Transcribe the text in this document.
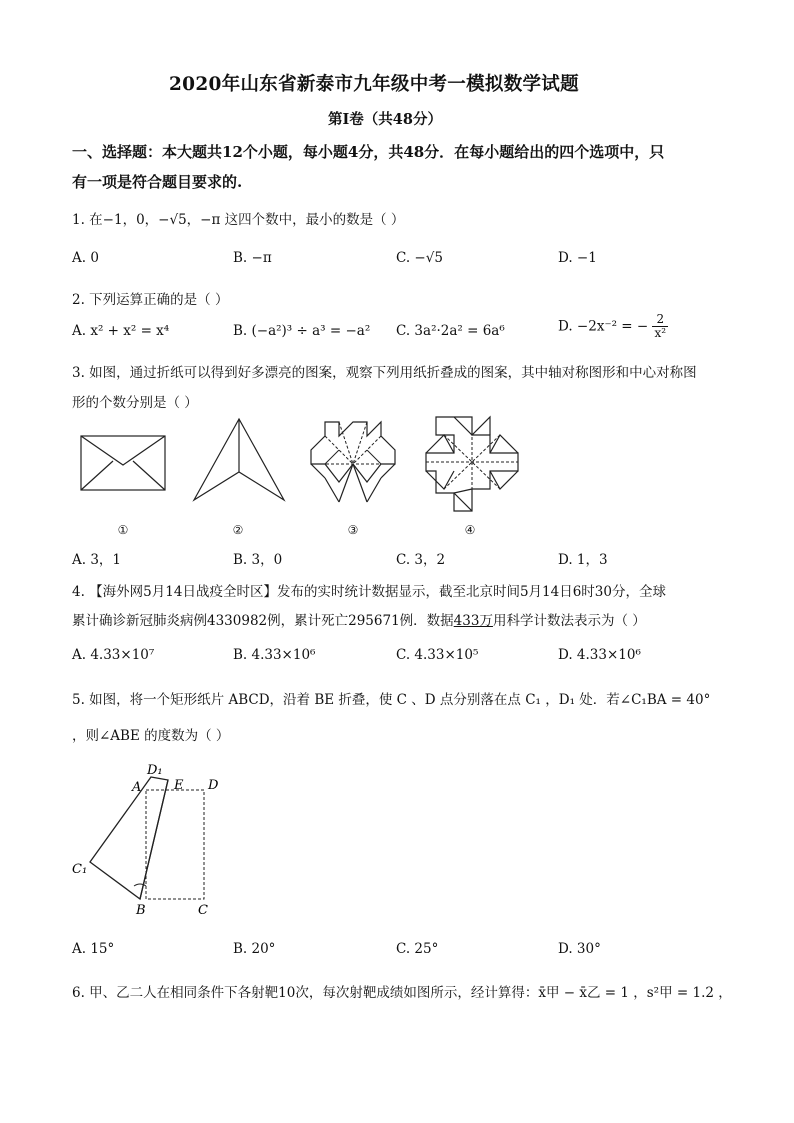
2020年山东省新泰市九年级中考一模拟数学试题
第I卷（共48分）
一、选择题：本大题共12个小题，每小题4分，共48分．在每小题给出的四个选项中，只
有一项是符合题目要求的.
1. 在−1，0，−√5，−π 这四个数中，最小的数是（ ）
A. 0	B. −π	C. −√5	D. −1
2. 下列运算正确的是（ ）
A. x² + x² = x⁴	B. (−a²)³ ÷ a³ = −a² C. 3a²·2a² = 6a⁶	D. −2x⁻² = − $\frac{2}{\text{x²}}$
3. 如图，通过折纸可以得到好多漂亮的图案，观察下列用纸折叠成的图案，其中轴对称图形和中心对称图
形的个数分别是（ ）
①	②	③	④
A. 3，1	B. 3，0	C. 3，2	D. 1，3
4. 【海外网5月14日战疫全时区】发布的实时统计数据显示，截至北京时间5月14日6时30分，全球
累计确诊新冠肺炎病例4330982例，累计死亡295671例．数据433万用科学计数法表示为（ ）
A. 4.33×10⁷	B. 4.33×10⁶	C. 4.33×10⁵	D. 4.33×10⁶
5. 如图，将一个矩形纸片 ABCD，沿着 BE 折叠，使 C 、D 点分别落在点 C₁ ，D₁ 处．若∠C₁BA = 40°
，则∠ABE 的度数为（ ）
D₁
A	E D
C₁
B	C
A. 15°	B. 20°	C. 25°	D. 30°
6. 甲、乙二人在相同条件下各射靶10次，每次射靶成绩如图所示，经计算得：x̄甲 − x̄乙 = 1 ，s²甲 = 1.2 ，
